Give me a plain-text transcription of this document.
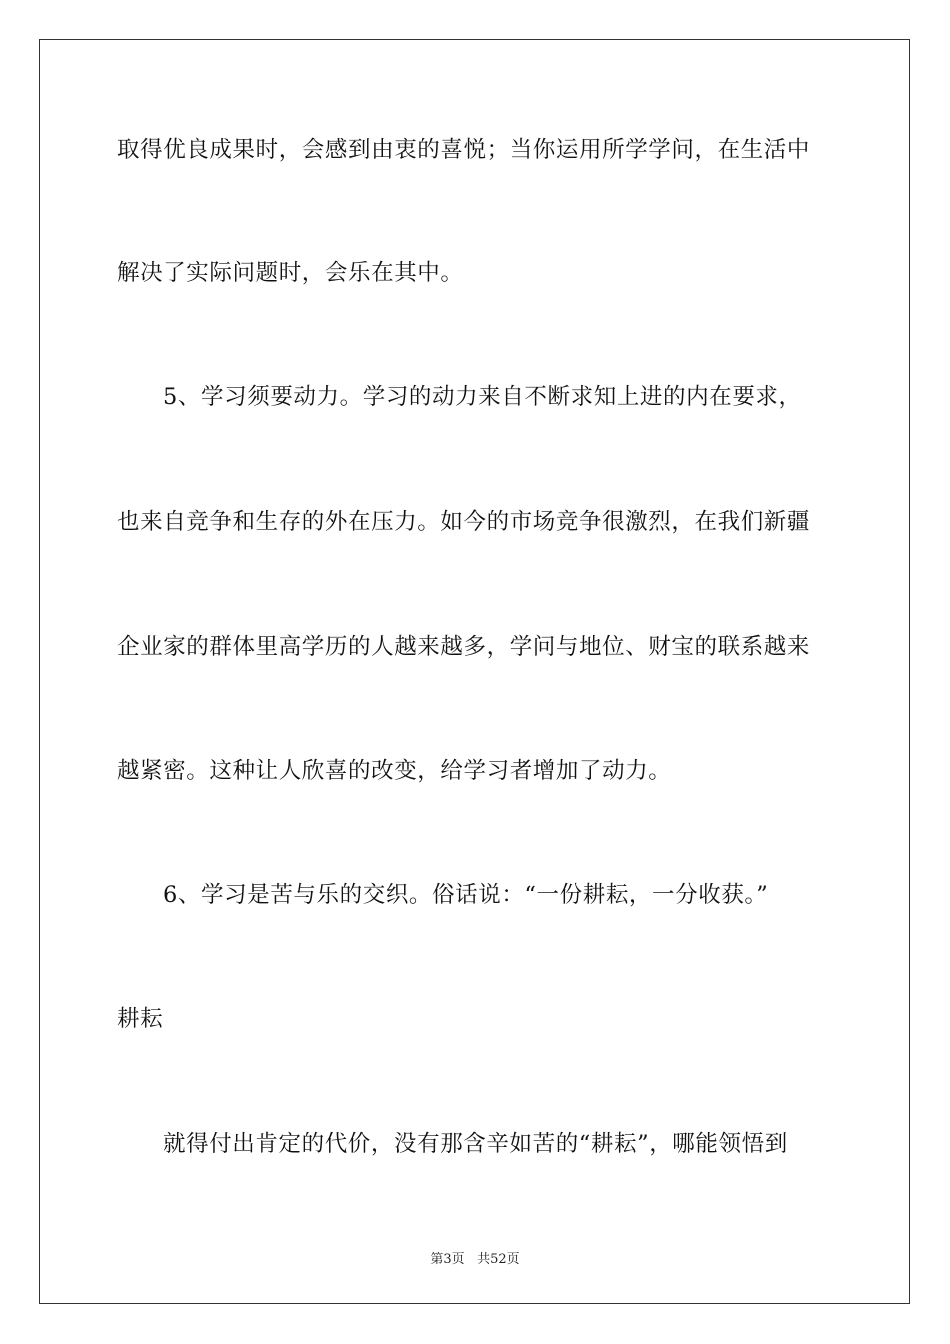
取得优良成果时，会感到由衷的喜悦；当你运用所学学问，在生活中
解决了实际问题时，会乐在其中。
5、学习须要动力。学习的动力来自不断求知上进的内在要求，
也来自竞争和生存的外在压力。如今的市场竞争很激烈，在我们新疆
企业家的群体里高学历的人越来越多，学问与地位、财宝的联系越来
越紧密。这种让人欣喜的改变，给学习者增加了动力。
6、学习是苦与乐的交织。俗话说：“一份耕耘，一分收获。”
耕耘
就得付出肯定的代价，没有那含辛如苦的“耕耘”，哪能领悟到
第3页 共52页
